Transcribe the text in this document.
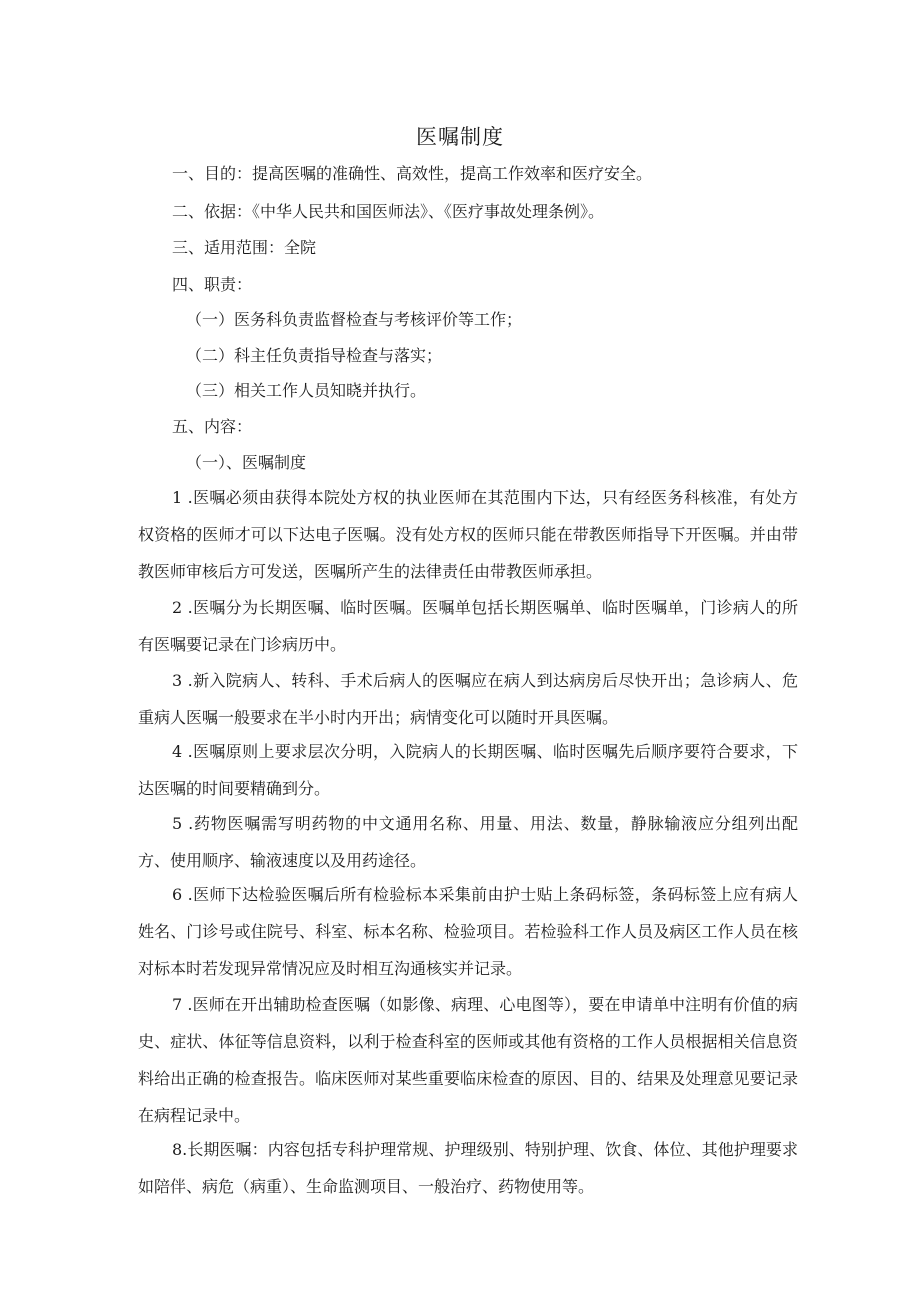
医嘱制度

一、目的：提高医嘱的准确性、高效性，提高工作效率和医疗安全。

二、依据：《中华人民共和国医师法》、《医疗事故处理条例》。

三、适用范围：全院

四、职责：

（一）医务科负责监督检查与考核评价等工作；

（二）科主任负责指导检查与落实；

（三）相关工作人员知晓并执行。

五、内容：

（一）、医嘱制度

1 .医嘱必须由获得本院处方权的执业医师在其范围内下达，只有经医务科核准，有处方权资格的医师才可以下达电子医嘱。没有处方权的医师只能在带教医师指导下开医嘱。并由带教医师审核后方可发送，医嘱所产生的法律责任由带教医师承担。

2 .医嘱分为长期医嘱、临时医嘱。医嘱单包括长期医嘱单、临时医嘱单，门诊病人的所有医嘱要记录在门诊病历中。

3 .新入院病人、转科、手术后病人的医嘱应在病人到达病房后尽快开出；急诊病人、危重病人医嘱一般要求在半小时内开出；病情变化可以随时开具医嘱。

4 .医嘱原则上要求层次分明，入院病人的长期医嘱、临时医嘱先后顺序要符合要求，下达医嘱的时间要精确到分。

5 .药物医嘱需写明药物的中文通用名称、用量、用法、数量，静脉输液应分组列出配方、使用顺序、输液速度以及用药途径。

6 .医师下达检验医嘱后所有检验标本采集前由护士贴上条码标签，条码标签上应有病人姓名、门诊号或住院号、科室、标本名称、检验项目。若检验科工作人员及病区工作人员在核对标本时若发现异常情况应及时相互沟通核实并记录。

7 .医师在开出辅助检查医嘱（如影像、病理、心电图等），要在申请单中注明有价值的病史、症状、体征等信息资料，以利于检查科室的医师或其他有资格的工作人员根据相关信息资料给出正确的检查报告。临床医师对某些重要临床检查的原因、目的、结果及处理意见要记录在病程记录中。

8.长期医嘱：内容包括专科护理常规、护理级别、特别护理、饮食、体位、其他护理要求如陪伴、病危（病重）、生命监测项目、一般治疗、药物使用等。
